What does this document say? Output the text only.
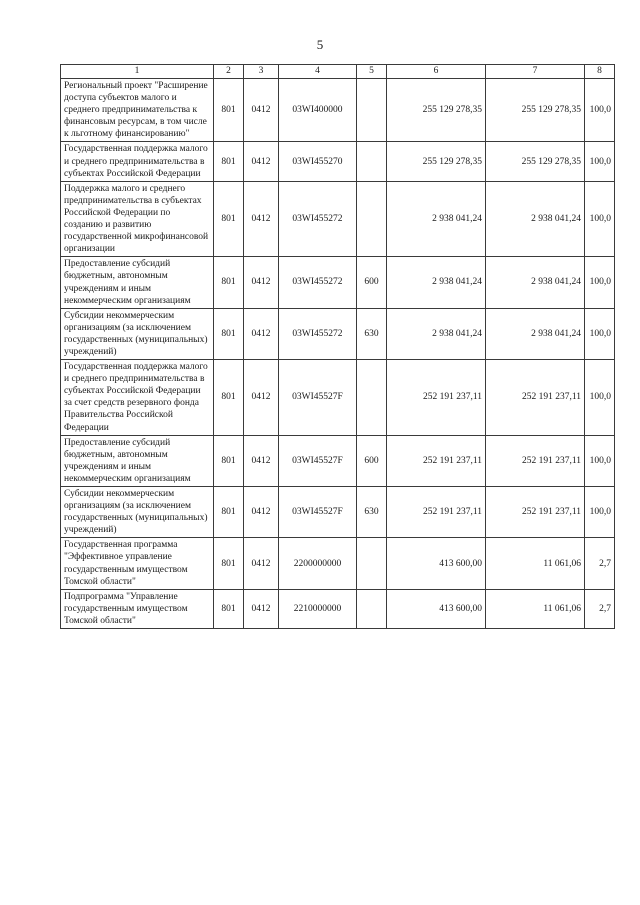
5
1	2	3	4	5	6	7	8
Региональный проект "Расширение доступа субъектов малого и среднего предпринимательства к финансовым ресурсам, в том числе к льготному финансированию"	801	0412	03WI400000		255 129 278,35	255 129 278,35	100,0
Государственная поддержка малого и среднего предпринимательства в субъектах Российской Федерации	801	0412	03WI455270		255 129 278,35	255 129 278,35	100,0
Поддержка малого и среднего предпринимательства в субъектах Российской Федерации по созданию и развитию государственной микрофинансовой организации	801	0412	03WI455272		2 938 041,24	2 938 041,24	100,0
Предоставление субсидий бюджетным, автономным учреждениям и иным некоммерческим организациям	801	0412	03WI455272	600	2 938 041,24	2 938 041,24	100,0
Субсидии некоммерческим организациям (за исключением государственных (муниципальных) учреждений)	801	0412	03WI455272	630	2 938 041,24	2 938 041,24	100,0
Государственная поддержка малого и среднего предпринимательства в субъектах Российской Федерации за счет средств резервного фонда Правительства Российской Федерации	801	0412	03WI45527F		252 191 237,11	252 191 237,11	100,0
Предоставление субсидий бюджетным, автономным учреждениям и иным некоммерческим организациям	801	0412	03WI45527F	600	252 191 237,11	252 191 237,11	100,0
Субсидии некоммерческим организациям (за исключением государственных (муниципальных) учреждений)	801	0412	03WI45527F	630	252 191 237,11	252 191 237,11	100,0
Государственная программа "Эффективное управление государственным имуществом Томской области"	801	0412	2200000000		413 600,00	11 061,06	2,7
Подпрограмма "Управление государственным имуществом Томской области"	801	0412	2210000000		413 600,00	11 061,06	2,7
